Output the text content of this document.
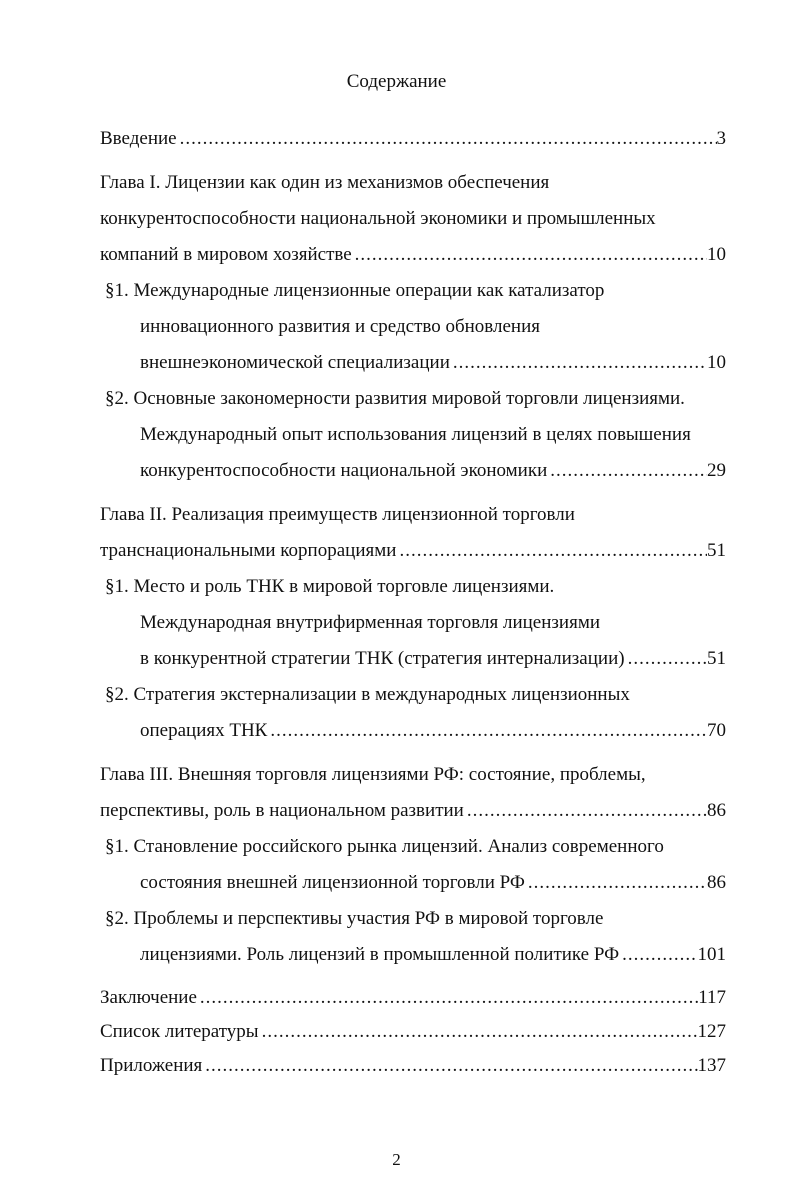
Содержание
Введение .....	3
Глава I. Лицензии как один из механизмов обеспечения
конкурентоспособности национальной экономики и промышленных
компаний в мировом хозяйстве .....	10
§1. Международные лицензионные операции как катализатор
инновационного развития и средство обновления
внешнеэкономической специализации .....	10
§2. Основные закономерности развития мировой торговли лицензиями.
Международный опыт использования лицензий в целях повышения
конкурентоспособности национальной экономики .....	29
Глава II. Реализация преимуществ лицензионной торговли
транснациональными корпорациями .....	51
§1. Место и роль ТНК в мировой торговле лицензиями.
Международная внутрифирменная торговля лицензиями
в конкурентной стратегии ТНК (стратегия интернализации) .....	51
§2. Стратегия экстернализации в международных лицензионных
операциях ТНК .....	70
Глава III. Внешняя торговля лицензиями РФ: состояние, проблемы,
перспективы, роль в национальном развитии .....	86
§1. Становление российского рынка лицензий. Анализ современного
состояния внешней лицензионной торговли РФ .....	86
§2. Проблемы и перспективы участия РФ в мировой торговле
лицензиями. Роль лицензий в промышленной политике РФ .....	101
Заключение .....	117
Список литературы .....	127
Приложения .....	137
2
